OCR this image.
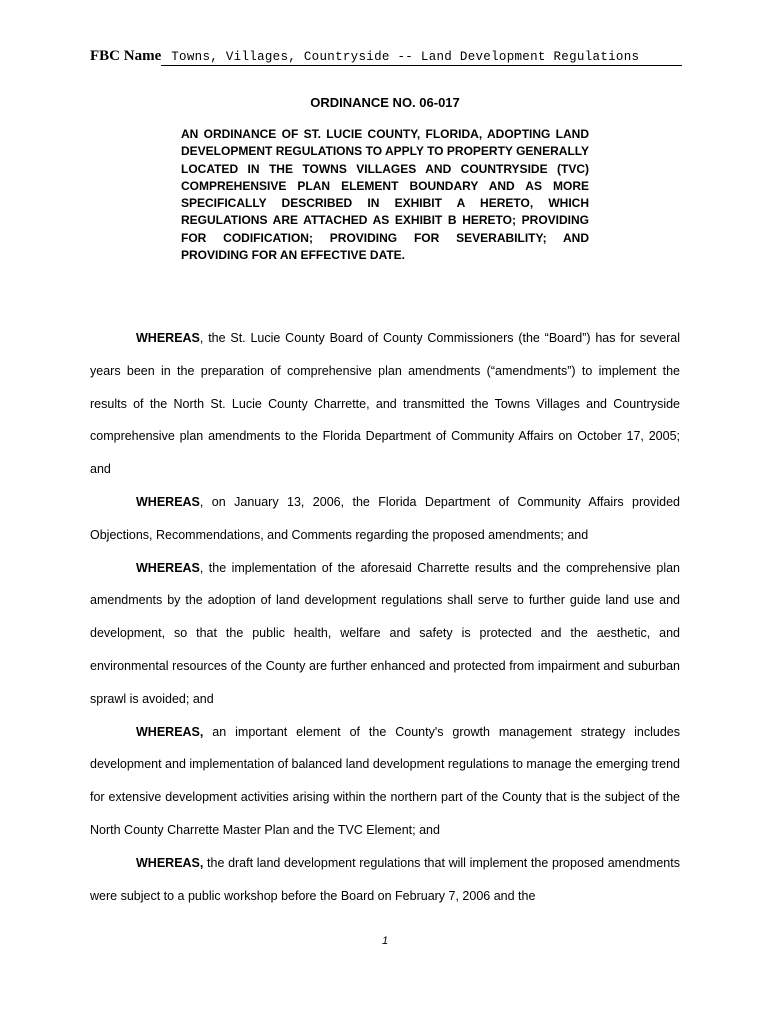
FBC Name Towns, Villages, Countryside -- Land Development Regulations
ORDINANCE NO. 06-017

AN ORDINANCE OF ST. LUCIE COUNTY, FLORIDA, ADOPTING LAND DEVELOPMENT REGULATIONS TO APPLY TO PROPERTY GENERALLY LOCATED IN THE TOWNS VILLAGES AND COUNTRYSIDE (TVC) COMPREHENSIVE PLAN ELEMENT BOUNDARY AND AS MORE SPECIFICALLY DESCRIBED IN EXHIBIT A HERETO, WHICH REGULATIONS ARE ATTACHED AS EXHIBIT B HERETO; PROVIDING FOR CODIFICATION; PROVIDING FOR SEVERABILITY; AND PROVIDING FOR AN EFFECTIVE DATE.

WHEREAS, the St. Lucie County Board of County Commissioners (the “Board”) has for several years been in the preparation of comprehensive plan amendments (“amendments”) to implement the results of the North St. Lucie County Charrette, and transmitted the Towns Villages and Countryside comprehensive plan amendments to the Florida Department of Community Affairs on October 17, 2005; and

WHEREAS, on January 13, 2006, the Florida Department of Community Affairs provided Objections, Recommendations, and Comments regarding the proposed amendments; and

WHEREAS, the implementation of the aforesaid Charrette results and the comprehensive plan amendments by the adoption of land development regulations shall serve to further guide land use and development, so that the public health, welfare and safety is protected and the aesthetic, and environmental resources of the County are further enhanced and protected from impairment and suburban sprawl is avoided; and

WHEREAS, an important element of the County's growth management strategy includes development and implementation of balanced land development regulations to manage the emerging trend for extensive development activities arising within the northern part of the County that is the subject of the North County Charrette Master Plan and the TVC Element; and

WHEREAS, the draft land development regulations that will implement the proposed amendments were subject to a public workshop before the Board on February 7, 2006 and the

1
